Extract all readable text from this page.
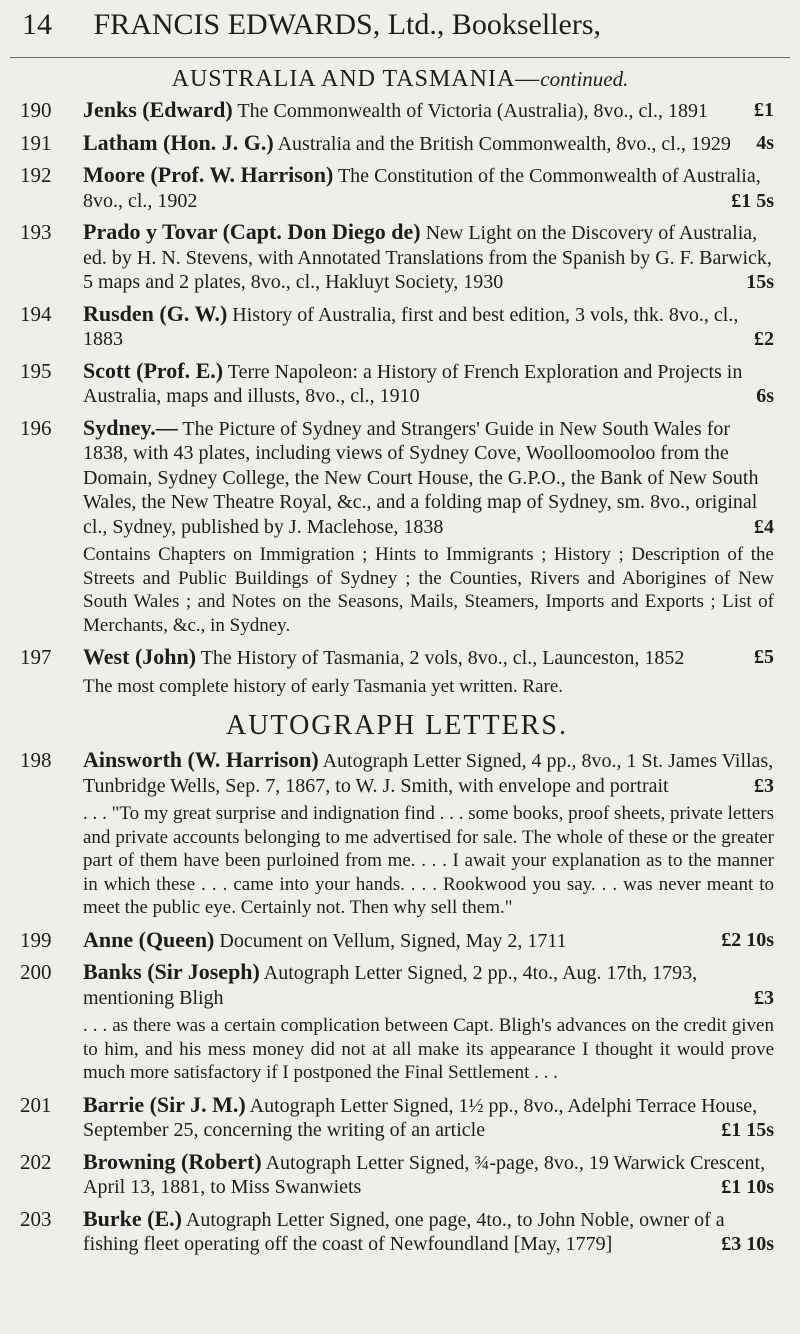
14 FRANCIS EDWARDS, Ltd., Booksellers,
AUSTRALIA AND TASMANIA—continued.
190 Jenks (Edward) The Commonwealth of Victoria (Australia), 8vo., cl., 1891 £1
191 Latham (Hon. J. G.) Australia and the British Commonwealth, 8vo., cl., 1929 4s
192 Moore (Prof. W. Harrison) The Constitution of the Commonwealth of Australia, 8vo., cl., 1902	£1 5s
193 Prado y Tovar (Capt. Don Diego de) New Light on the Discovery of Australia, ed. by H. N. Stevens, with Annotated Translations from the Spanish by G. F. Barwick, 5 maps and 2 plates, 8vo., cl., Hakluyt Society, 1930	15s
194 Rusden (G. W.) History of Australia, first and best edition, 3 vols, thk. 8vo., cl., 1883	£2
195 Scott (Prof. E.) Terre Napoleon: a History of French Exploration and Projects in Australia, maps and illusts, 8vo., cl., 1910	6s
196 Sydney.— The Picture of Sydney and Strangers' Guide in New South Wales for 1838, with 43 plates, including views of Sydney Cove, Woolloomooloo from the Domain, Sydney College, the New Court House, the G.P.O., the Bank of New South Wales, the New Theatre Royal, &c., and a folding map of Sydney, sm. 8vo., original cl., Sydney, published by J. Maclehose, 1838	£4
Contains Chapters on Immigration ; Hints to Immigrants ; History ; Description of the Streets and Public Buildings of Sydney ; the Counties, Rivers and Aborigines of New South Wales ; and Notes on the Seasons, Mails, Steamers, Imports and Exports ; List of Merchants, &c., in Sydney.
197 West (John) The History of Tasmania, 2 vols, 8vo., cl., Launceston, 1852	£5
The most complete history of early Tasmania yet written. Rare.
AUTOGRAPH LETTERS.
198 Ainsworth (W. Harrison) Autograph Letter Signed, 4 pp., 8vo., 1 St. James Villas, Tunbridge Wells, Sep. 7, 1867, to W. J. Smith, with envelope and portrait	£3
. . . "To my great surprise and indignation find . . . some books, proof sheets, private letters and private accounts belonging to me advertised for sale. The whole of these or the greater part of them have been purloined from me. . . . I await your explanation as to the manner in which these . . . came into your hands. . . . Rookwood you say. . . was never meant to meet the public eye. Certainly not. Then why sell them."
199 Anne (Queen) Document on Vellum, Signed, May 2, 1711	£2 10s
200 Banks (Sir Joseph) Autograph Letter Signed, 2 pp., 4to., Aug. 17th, 1793, mentioning Bligh	£3
. . . as there was a certain complication between Capt. Bligh's advances on the credit given to him, and his mess money did not at all make its appearance I thought it would prove much more satisfactory if I postponed the Final Settlement . . .
201 Barrie (Sir J. M.) Autograph Letter Signed, 1½ pp., 8vo., Adelphi Terrace House, September 25, concerning the writing of an article	£1 15s
202 Browning (Robert) Autograph Letter Signed, ¾-page, 8vo., 19 Warwick Crescent, April 13, 1881, to Miss Swanwiets	£1 10s
203 Burke (E.) Autograph Letter Signed, one page, 4to., to John Noble, owner of a fishing fleet operating off the coast of Newfoundland [May, 1779]	£3 10s
